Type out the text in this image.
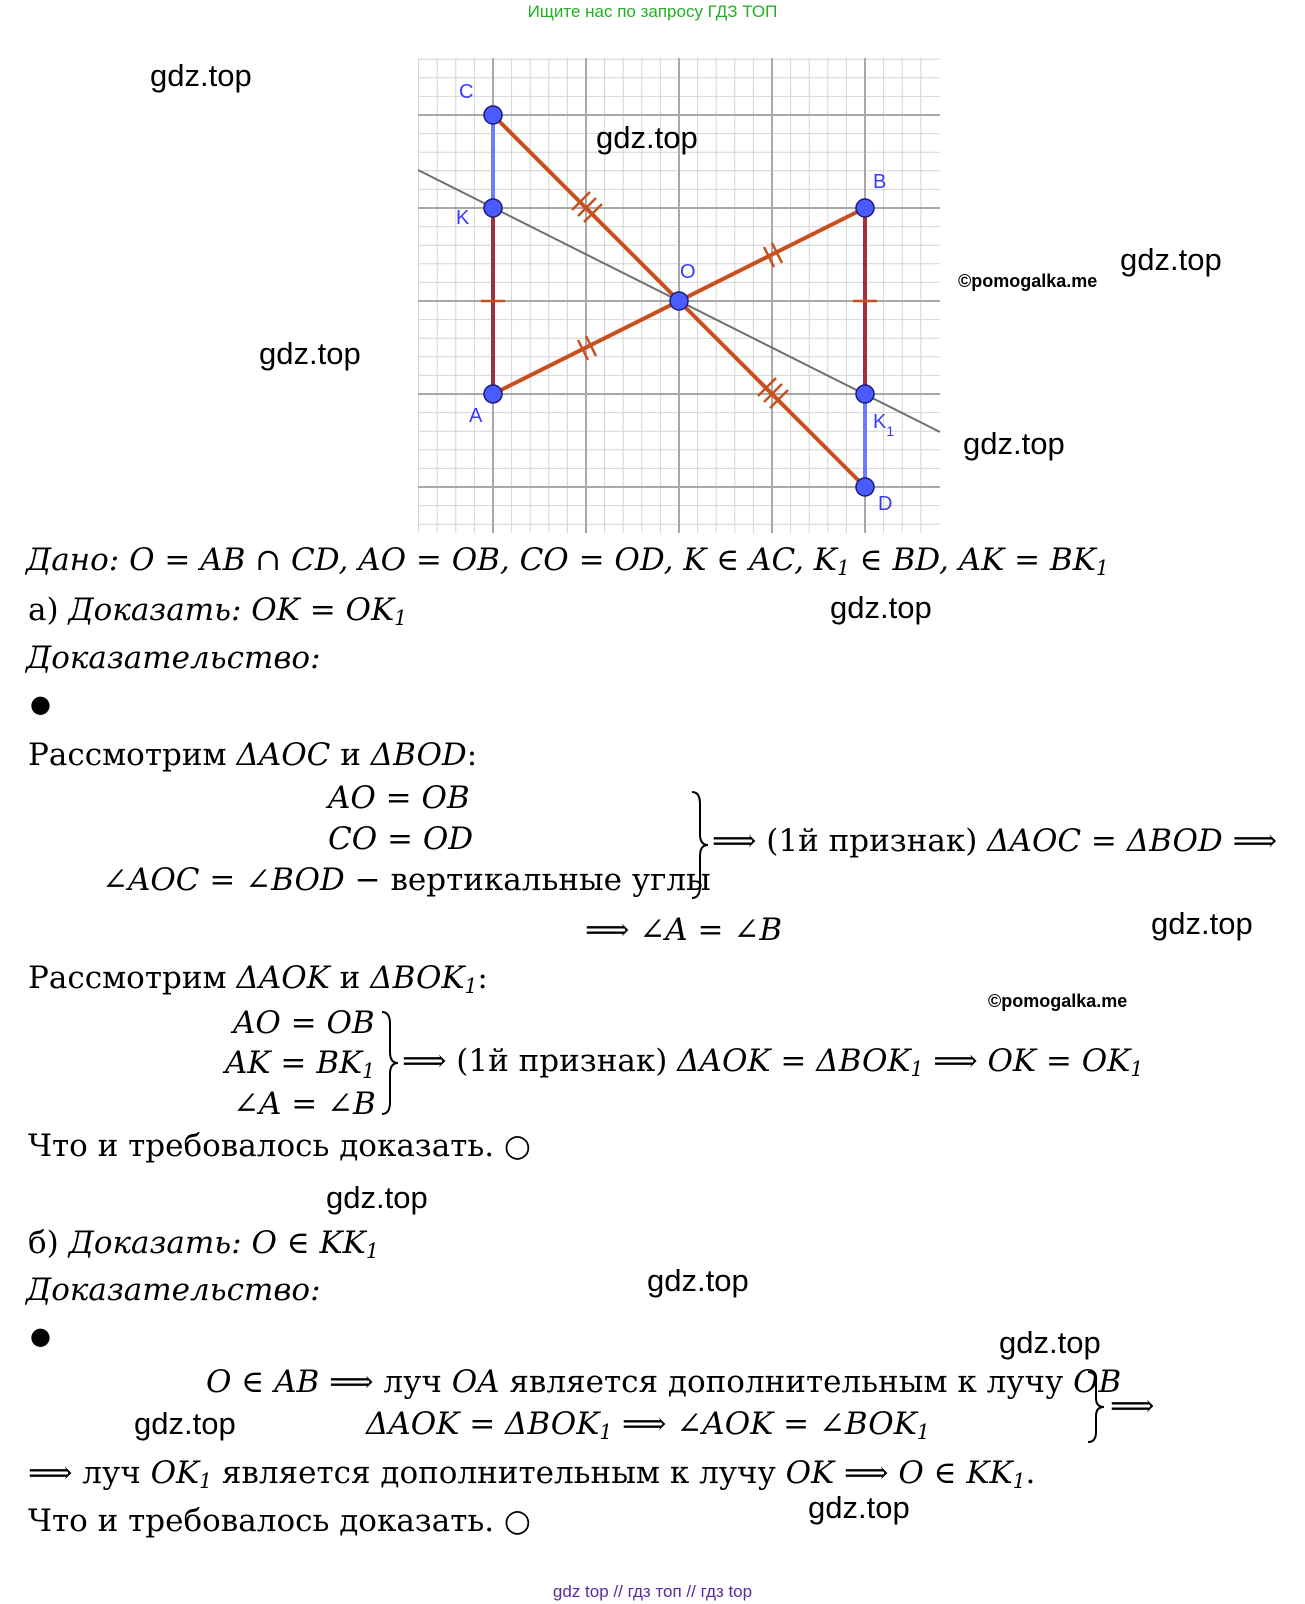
Ищите нас по запросу ГДЗ ТОП
C
K
A
O
B
$K_1$
D
gdz.top
gdz.top
gdz.top
©pomogalka.me
gdz.top
gdz.top
gdz.top
gdz.top
©pomogalka.me
gdz.top
gdz.top
gdz.top
gdz.top
gdz.top
Дано: O = AB ∩ CD, AO = OB, CO = OD, K ∈ AC, $K_1$ ∈ BD, AK = $BK_1$
а) Доказать: OK = $OK_1$
Доказательство:
●
Рассмотрим ΔAOC и ΔBOD:
AO = OB
CO = OD
∠AOC = ∠BOD − вертикальные углы
⟹ (1й признак) ΔAOC = ΔBOD ⟹
⟹ ∠A = ∠B
Рассмотрим ΔAOK и $\Delta BOK_1$:
AO = OB
AK = $BK_1$
∠A = ∠B
⟹ (1й признак) $\Delta AOK = \Delta BOK_1$ ⟹ OK = $OK_1$
Что и требовалось доказать. ○
б) Доказать: O ∈ $KK_1$
Доказательство:
●
O ∈ AB ⟹ луч OA является дополнительным к лучу OB
$\Delta AOK = \Delta BOK_1$ ⟹ ∠AOK = $\angle BOK_1$
⟹
⟹ луч $OK_1$ является дополнительным к лучу OK ⟹ O ∈ $KK_1$.
Что и требовалось доказать. ○
gdz top // гдз топ // гдз top
